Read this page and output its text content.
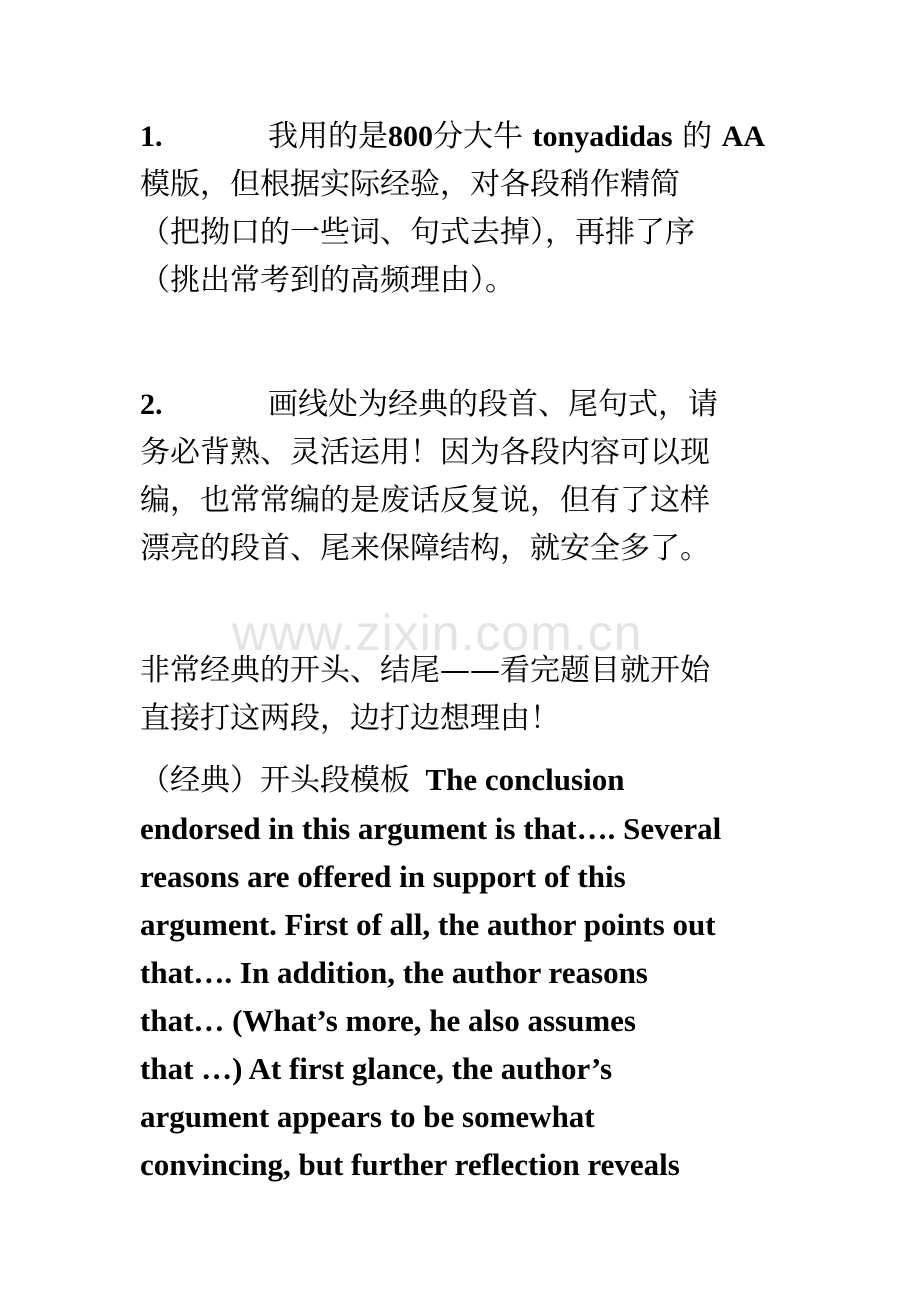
1.	我用的是800分大牛 tonyadidas 的 AA
模版，但根据实际经验，对各段稍作精简
（把拗口的一些词、句式去掉），再排了序
（挑出常考到的高频理由）。
2.	画线处为经典的段首、尾句式，请
务必背熟、灵活运用！因为各段内容可以现
编，也常常编的是废话反复说，但有了这样
漂亮的段首、尾来保障结构，就安全多了。
www.zixin.com.cn
非常经典的开头、结尾——看完题目就开始
直接打这两段，边打边想理由！
（经典）开头段模板 The conclusion
endorsed in this argument is that…. Several
reasons are offered in support of this
argument. First of all, the author points out
that…. In addition, the author reasons
that… (What’s more, he also assumes
that …) At first glance, the author’s
argument appears to be somewhat
convincing, but further reflection reveals
